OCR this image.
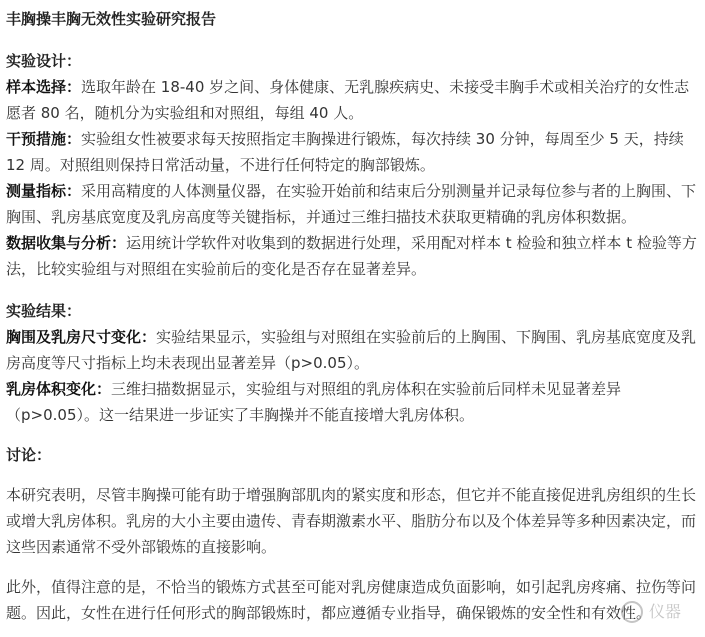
丰胸操丰胸无效性实验研究报告

实验设计：

样本选择：选取年龄在 18-40 岁之间、身体健康、无乳腺疾病史、未接受丰胸手术或相关治疗的女性志愿者 80 名，随机分为实验组和对照组，每组 40 人。

干预措施：实验组女性被要求每天按照指定丰胸操进行锻炼，每次持续 30 分钟，每周至少 5 天，持续 12 周。对照组则保持日常活动量，不进行任何特定的胸部锻炼。

测量指标：采用高精度的人体测量仪器，在实验开始前和结束后分别测量并记录每位参与者的上胸围、下胸围、乳房基底宽度及乳房高度等关键指标，并通过三维扫描技术获取更精确的乳房体积数据。

数据收集与分析：运用统计学软件对收集到的数据进行处理，采用配对样本 t 检验和独立样本 t 检验等方法，比较实验组与对照组在实验前后的变化是否存在显著差异。

实验结果：

胸围及乳房尺寸变化：实验结果显示，实验组与对照组在实验前后的上胸围、下胸围、乳房基底宽度及乳房高度等尺寸指标上均未表现出显著差异（p>0.05）。

乳房体积变化：三维扫描数据显示，实验组与对照组的乳房体积在实验前后同样未见显著差异（p>0.05）。这一结果进一步证实了丰胸操并不能直接增大乳房体积。

讨论：

本研究表明，尽管丰胸操可能有助于增强胸部肌肉的紧实度和形态，但它并不能直接促进乳房组织的生长或增大乳房体积。乳房的大小主要由遗传、青春期激素水平、脂肪分布以及个体差异等多种因素决定，而这些因素通常不受外部锻炼的直接影响。

此外，值得注意的是，不恰当的锻炼方式甚至可能对乳房健康造成负面影响，如引起乳房疼痛、拉伤等问题。因此，女性在进行任何形式的胸部锻炼时，都应遵循专业指导，确保锻炼的安全性和有效性。

仪器
